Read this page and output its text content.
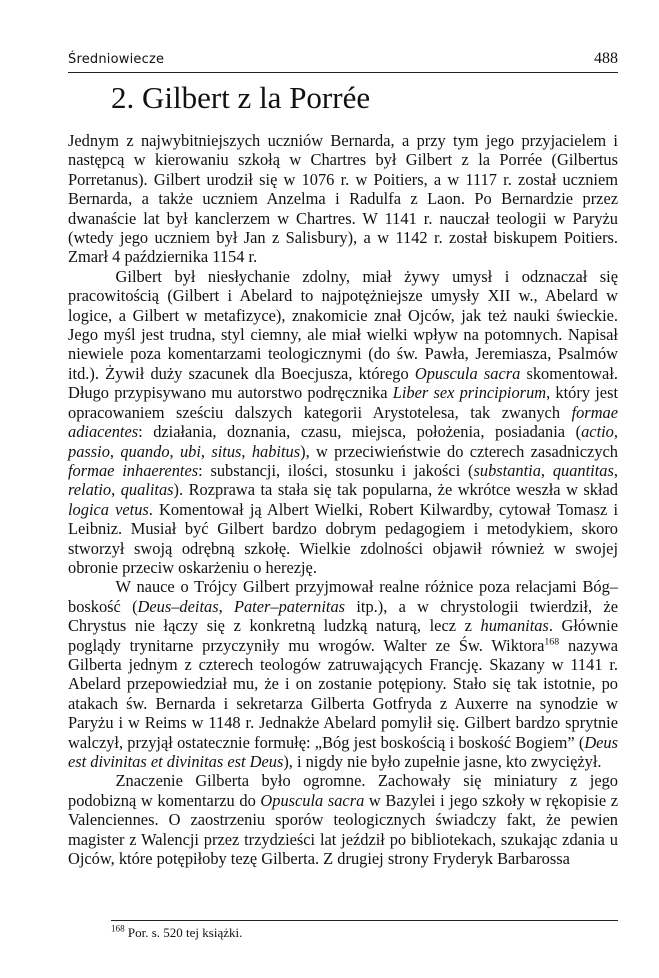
Średniowiecze	488
2. Gilbert z la Porrée

Jednym z najwybitniejszych uczniów Bernarda, a przy tym jego przyjacielem i następcą w kierowaniu szkołą w Chartres był Gilbert z la Porrée (Gilbertus Porretanus). Gilbert urodził się w 1076 r. w Poitiers, a w 1117 r. został uczniem Bernarda, a także uczniem Anzelma i Radulfa z Laon. Po Bernardzie przez dwanaście lat był kanclerzem w Chartres. W 1141 r. nauczał teologii w Paryżu (wtedy jego uczniem był Jan z Salisbury), a w 1142 r. został biskupem Poitiers. Zmarł 4 października 1154 r.

Gilbert był niesłychanie zdolny, miał żywy umysł i odznaczał się pracowitością (Gilbert i Abelard to najpotężniejsze umysły XII w., Abelard w logice, a Gilbert w metafizyce), znakomicie znał Ojców, jak też nauki świeckie. Jego myśl jest trudna, styl ciemny, ale miał wielki wpływ na potomnych. Napisał niewiele poza komentarzami teologicznymi (do św. Pawła, Jeremiasza, Psalmów itd.). Żywił duży szacunek dla Boecjusza, którego Opuscula sacra skomentował. Długo przypisywano mu autorstwo podręcznika Liber sex principiorum, który jest opracowaniem sześciu dalszych kategorii Arystotelesa, tak zwanych formae adiacentes: działania, doznania, czasu, miejsca, położenia, posiadania (actio, passio, quando, ubi, situs, habitus), w przeciwieństwie do czterech zasadniczych formae inhaerentes: substancji, ilości, stosunku i jakości (substantia, quantitas, relatio, qualitas). Rozprawa ta stała się tak popularna, że wkrótce weszła w skład logica vetus. Komentował ją Albert Wielki, Robert Kilwardby, cytował Tomasz i Leibniz. Musiał być Gilbert bardzo dobrym pedagogiem i metodykiem, skoro stworzył swoją odrębną szkołę. Wielkie zdolności objawił również w swojej obronie przeciw oskarżeniu o herezję.

W nauce o Trójcy Gilbert przyjmował realne różnice poza relacjami Bóg–boskość (Deus–deitas, Pater–paternitas itp.), a w chrystologii twierdził, że Chrystus nie łączy się z konkretną ludzką naturą, lecz z humanitas. Głównie poglądy trynitarne przyczyniły mu wrogów. Walter ze Św. Wiktora$^{168}$ nazywa Gilberta jednym z czterech teologów zatruwających Francję. Skazany w 1141 r. Abelard przepowiedział mu, że i on zostanie potępiony. Stało się tak istotnie, po atakach św. Bernarda i sekretarza Gilberta Gotfryda z Auxerre na synodzie w Paryżu i w Reims w 1148 r. Jednakże Abelard pomylił się. Gilbert bardzo sprytnie walczył, przyjął ostatecznie formułę: „Bóg jest boskością i boskość Bogiem” (Deus est divinitas et divinitas est Deus), i nigdy nie było zupełnie jasne, kto zwyciężył.

Znaczenie Gilberta było ogromne. Zachowały się miniatury z jego podobizną w komentarzu do Opuscula sacra w Bazylei i jego szkoły w rękopisie z Valenciennes. O zaostrzeniu sporów teologicznych świadczy fakt, że pewien magister z Walencji przez trzydzieści lat jeździł po bibliotekach, szukając zdania u Ojców, które potępiłoby tezę Gilberta. Z drugiej strony Fryderyk Barbarossa

$^{168}$ Por. s. 520 tej książki.
